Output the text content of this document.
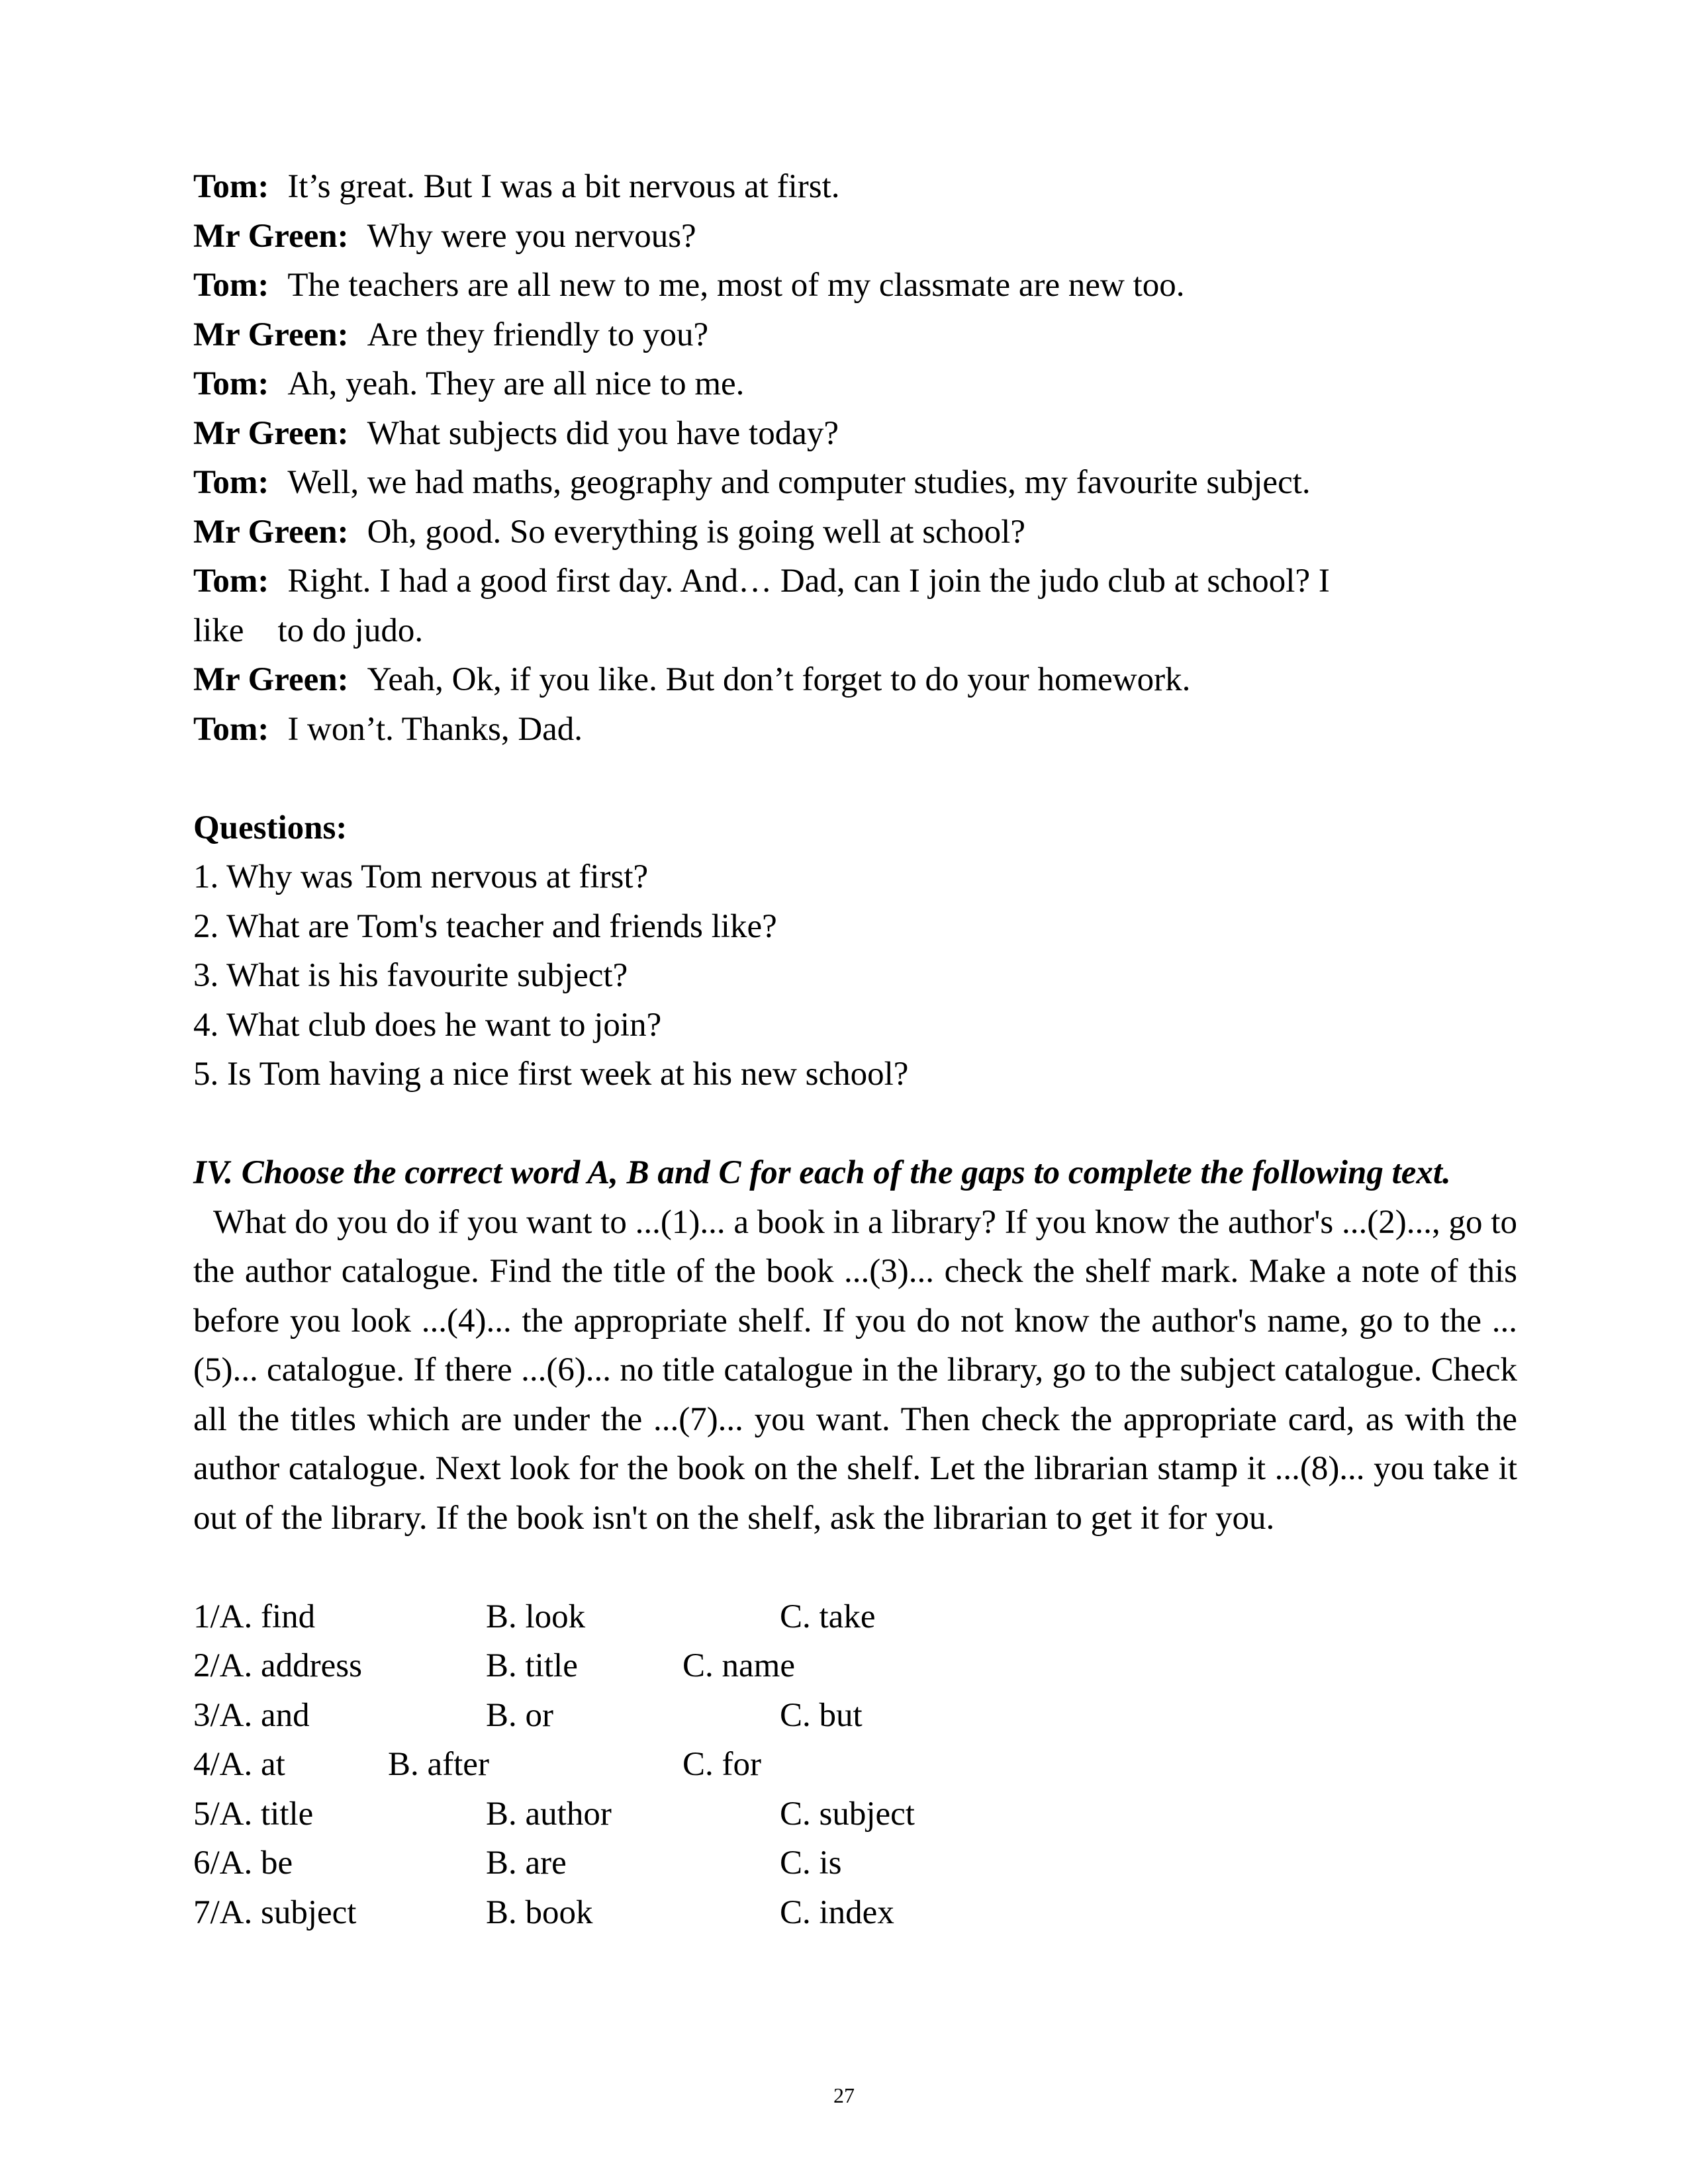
Tom: It’s great. But I was a bit nervous at first.
Mr Green: Why were you nervous?
Tom: The teachers are all new to me, most of my classmate are new too.
Mr Green: Are they friendly to you?
Tom: Ah, yeah. They are all nice to me.
Mr Green: What subjects did you have today?
Tom: Well, we had maths, geography and computer studies, my favourite subject.
Mr Green: Oh, good. So everything is going well at school?
Tom: Right. I had a good first day. And… Dad, can I join the judo club at school? I
like    to do judo.
Mr Green: Yeah, Ok, if you like. But don’t forget to do your homework.
Tom: I won’t. Thanks, Dad.
Questions:
1. Why was Tom nervous at first?
2. What are Tom's teacher and friends like?
3. What is his favourite subject?
4. What club does he want to join?
5. Is Tom having a nice first week at his new school?
IV. Choose the correct word A, B and C for each of the gaps to complete the following text.
What do you do if you want to ...(1)... a book in a library? If you know the author's ...(2)..., go to the author catalogue. Find the title of the book ...(3)... check the shelf mark. Make a note of this before you look ...(4)... the appropriate shelf. If you do not know the author's name, go to the ...(5)... catalogue. If there ...(6)... no title catalogue in the library, go to the subject catalogue. Check all the titles which are under the ...(7)... you want. Then check the appropriate card, as with the author catalogue. Next look for the book on the shelf. Let the librarian stamp it ...(8)... you take it out of the library. If the book isn't on the shelf, ask the librarian to get it for you.
1/A. find	B. look	C. take
2/A. address	B. title	C. name
3/A. and	B. or	C. but
4/A. at	B. after	C. for
5/A. title	B. author	C. subject
6/A. be	B. are	C. is
7/A. subject	B. book	C. index
27
